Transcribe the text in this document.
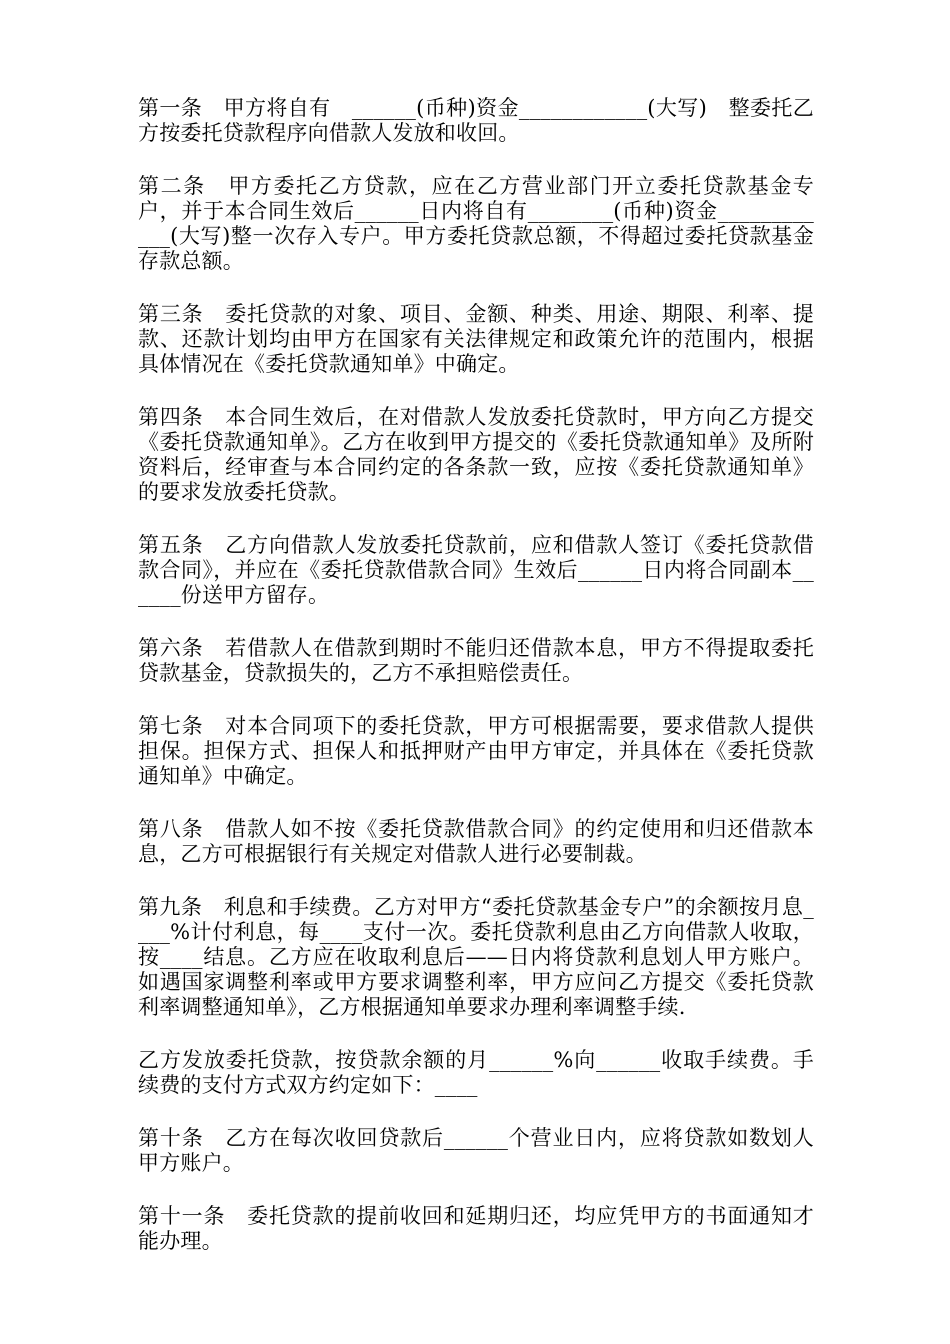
第一条　甲方将自有　______(币种)资金____________(大写)　整委托乙方按委托贷款程序向借款人发放和收回。

第二条　甲方委托乙方贷款，应在乙方营业部门开立委托贷款基金专户，并于本合同生效后______日内将自有________(币种)资金____________(大写)整一次存入专户。甲方委托贷款总额，不得超过委托贷款基金存款总额。

第三条　委托贷款的对象、项目、金额、种类、用途、期限、利率、提款、还款计划均由甲方在国家有关法律规定和政策允许的范围内，根据具体情况在《委托贷款通知单》中确定。

第四条　本合同生效后，在对借款人发放委托贷款时，甲方向乙方提交《委托贷款通知单》。乙方在收到甲方提交的《委托贷款通知单》及所附资料后，经审查与本合同约定的各条款一致，应按《委托贷款通知单》的要求发放委托贷款。

第五条　乙方向借款人发放委托贷款前，应和借款人签订《委托贷款借款合同》，并应在《委托贷款借款合同》生效后______日内将合同副本______份送甲方留存。

第六条　若借款人在借款到期时不能归还借款本息，甲方不得提取委托贷款基金，贷款损失的，乙方不承担赔偿责任。

第七条　对本合同项下的委托贷款，甲方可根据需要，要求借款人提供担保。担保方式、担保人和抵押财产由甲方审定，并具体在《委托贷款通知单》中确定。

第八条　借款人如不按《委托贷款借款合同》的约定使用和归还借款本息，乙方可根据银行有关规定对借款人进行必要制裁。

第九条　利息和手续费。乙方对甲方“委托贷款基金专户”的余额按月息____%计付利息，每____支付一次。委托贷款利息由乙方向借款人收取，按____结息。乙方应在收取利息后——日内将贷款利息划人甲方账户。如遇国家调整利率或甲方要求调整利率，甲方应问乙方提交《委托贷款利率调整通知单》，乙方根据通知单要求办理利率调整手续.

乙方发放委托贷款，按贷款余额的月______%向______收取手续费。手续费的支付方式双方约定如下：____

第十条　乙方在每次收回贷款后______个营业日内，应将贷款如数划人甲方账户。

第十一条　委托贷款的提前收回和延期归还，均应凭甲方的书面通知才能办理。
